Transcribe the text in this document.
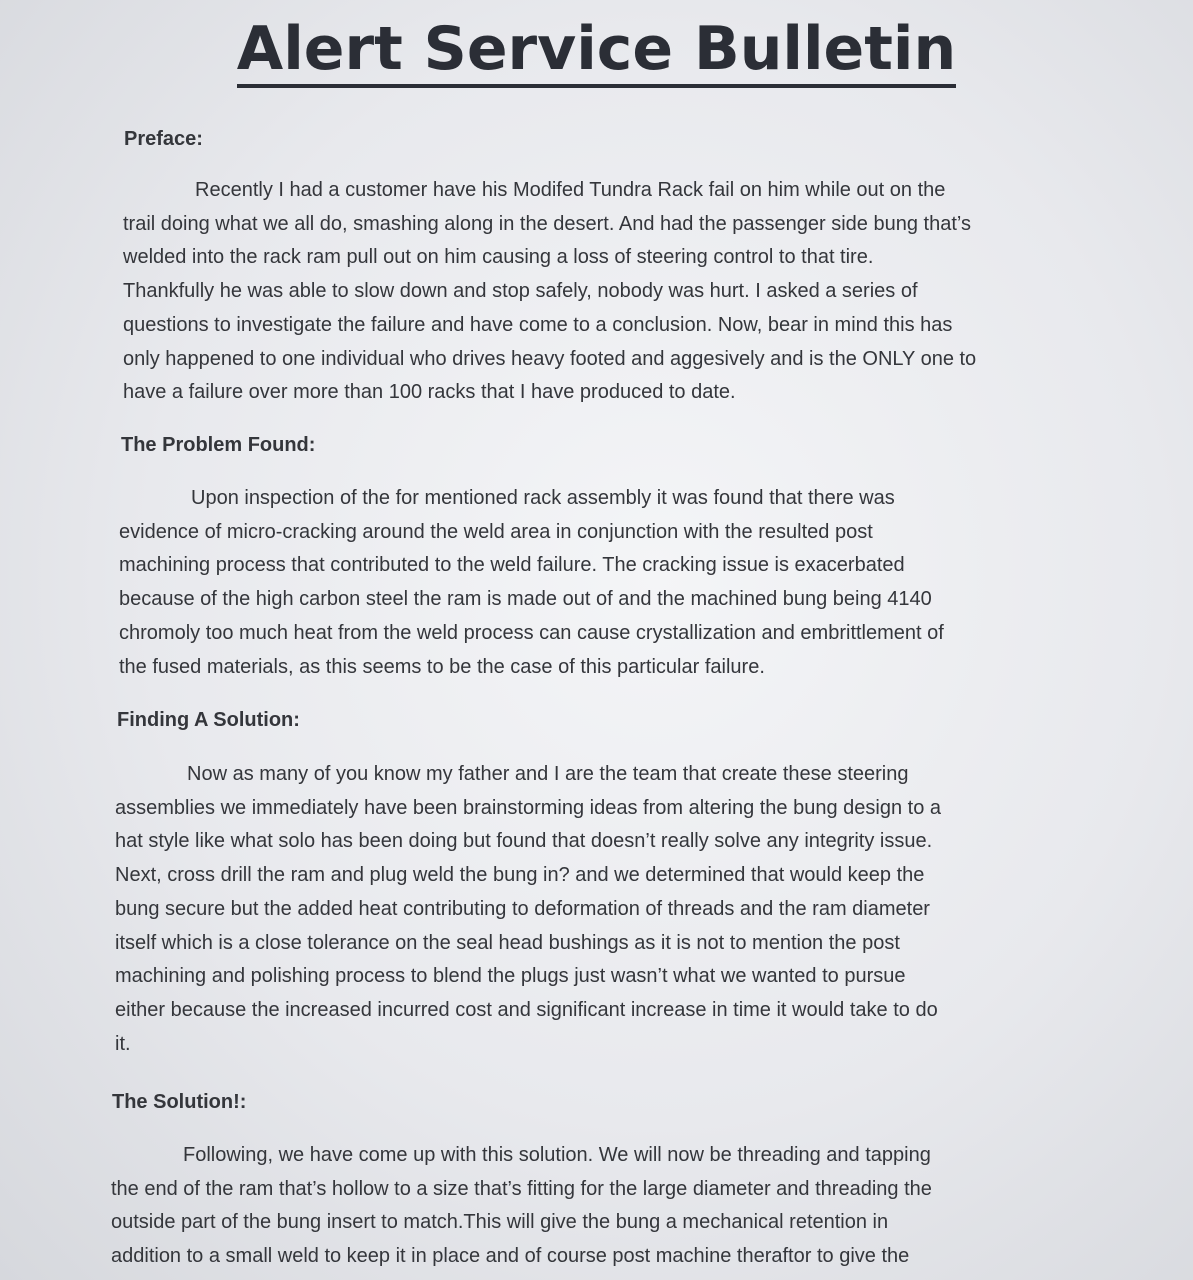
Alert Service Bulletin
Preface:
Recently I had a customer have his Modifed Tundra Rack fail on him while out on the
trail doing what we all do, smashing along in the desert. And had the passenger side bung that’s
welded into the rack ram pull out on him causing a loss of steering control to that tire.
Thankfully he was able to slow down and stop safely, nobody was hurt. I asked a series of
questions to investigate the failure and have come to a conclusion. Now, bear in mind this has
only happened to one individual who drives heavy footed and aggesively and is the ONLY one to
have a failure over more than 100 racks that I have produced to date.
The Problem Found:
Upon inspection of the for mentioned rack assembly it was found that there was
evidence of micro-cracking around the weld area in conjunction with the resulted post
machining process that contributed to the weld failure. The cracking issue is exacerbated
because of the high carbon steel the ram is made out of and the machined bung being 4140
chromoly too much heat from the weld process can cause crystallization and embrittlement of
the fused materials, as this seems to be the case of this particular failure.
Finding A Solution:
Now as many of you know my father and I are the team that create these steering
assemblies we immediately have been brainstorming ideas from altering the bung design to a
hat style like what solo has been doing but found that doesn’t really solve any integrity issue.
Next, cross drill the ram and plug weld the bung in? and we determined that would keep the
bung secure but the added heat contributing to deformation of threads and the ram diameter
itself which is a close tolerance on the seal head bushings as it is not to mention the post
machining and polishing process to blend the plugs just wasn’t what we wanted to pursue
either because the increased incurred cost and significant increase in time it would take to do
it.
The Solution!:
Following, we have come up with this solution. We will now be threading and tapping
the end of the ram that’s hollow to a size that’s fitting for the large diameter and threading the
outside part of the bung insert to match.This will give the bung a mechanical retention in
addition to a small weld to keep it in place and of course post machine theraftor to give the
